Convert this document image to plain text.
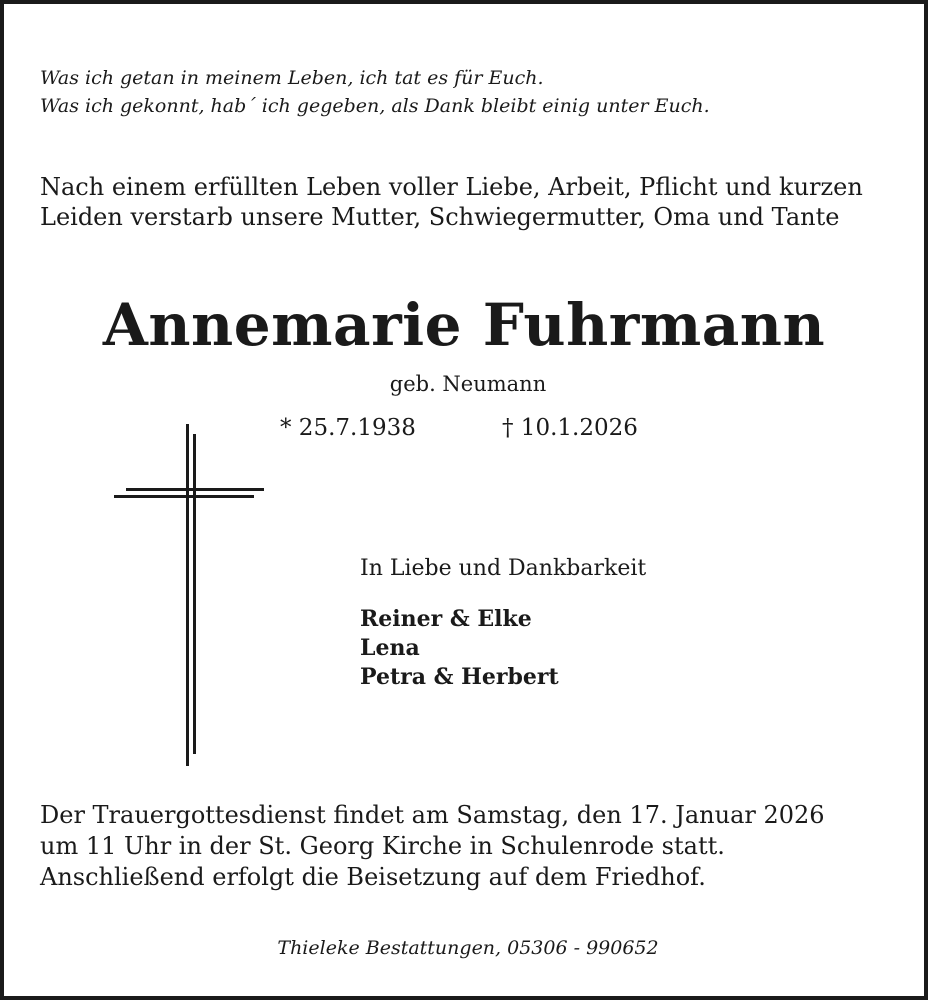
Was ich getan in meinem Leben, ich tat es für Euch.
Was ich gekonnt, hab´ ich gegeben, als Dank bleibt einig unter Euch.
Nach einem erfüllten Leben voller Liebe, Arbeit, Pflicht und kurzen
Leiden verstarb unsere Mutter, Schwiegermutter, Oma und Tante
Annemarie Fuhrmann
geb. Neumann
* 25.7.1938	† 10.1.2026
In Liebe und Dankbarkeit
Reiner & Elke
Lena
Petra & Herbert
Der Trauergottesdienst findet am Samstag, den 17. Januar 2026
um 11 Uhr in der St. Georg Kirche in Schulenrode statt.
Anschließend erfolgt die Beisetzung auf dem Friedhof.
Thieleke Bestattungen, 05306 - 990652
